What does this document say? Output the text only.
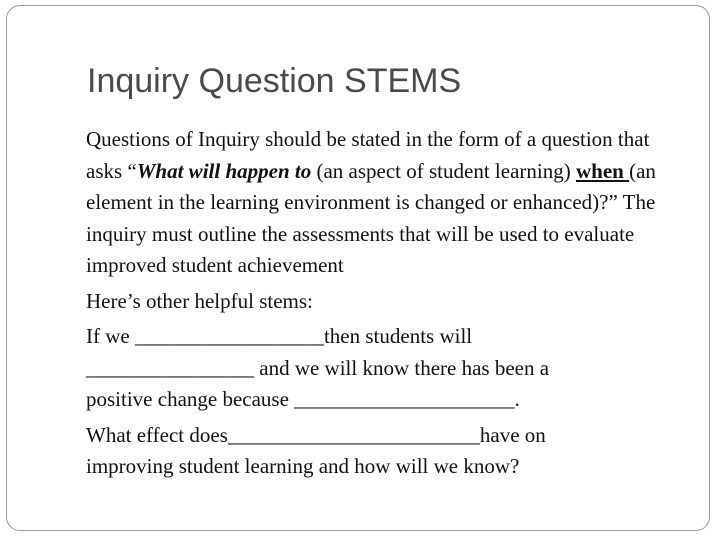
Inquiry Question STEMS

Questions of Inquiry should be stated in the form of a question that asks “What will happen to (an aspect of student learning) when (an element in the learning environment is changed or enhanced)?” The inquiry must outline the assessments that will be used to evaluate improved student achievement

Here’s other helpful stems:

If we __________________then students will
________________ and we will know there has been a
positive change because _____________________.

What effect does________________________have on
improving student learning and how will we know?
